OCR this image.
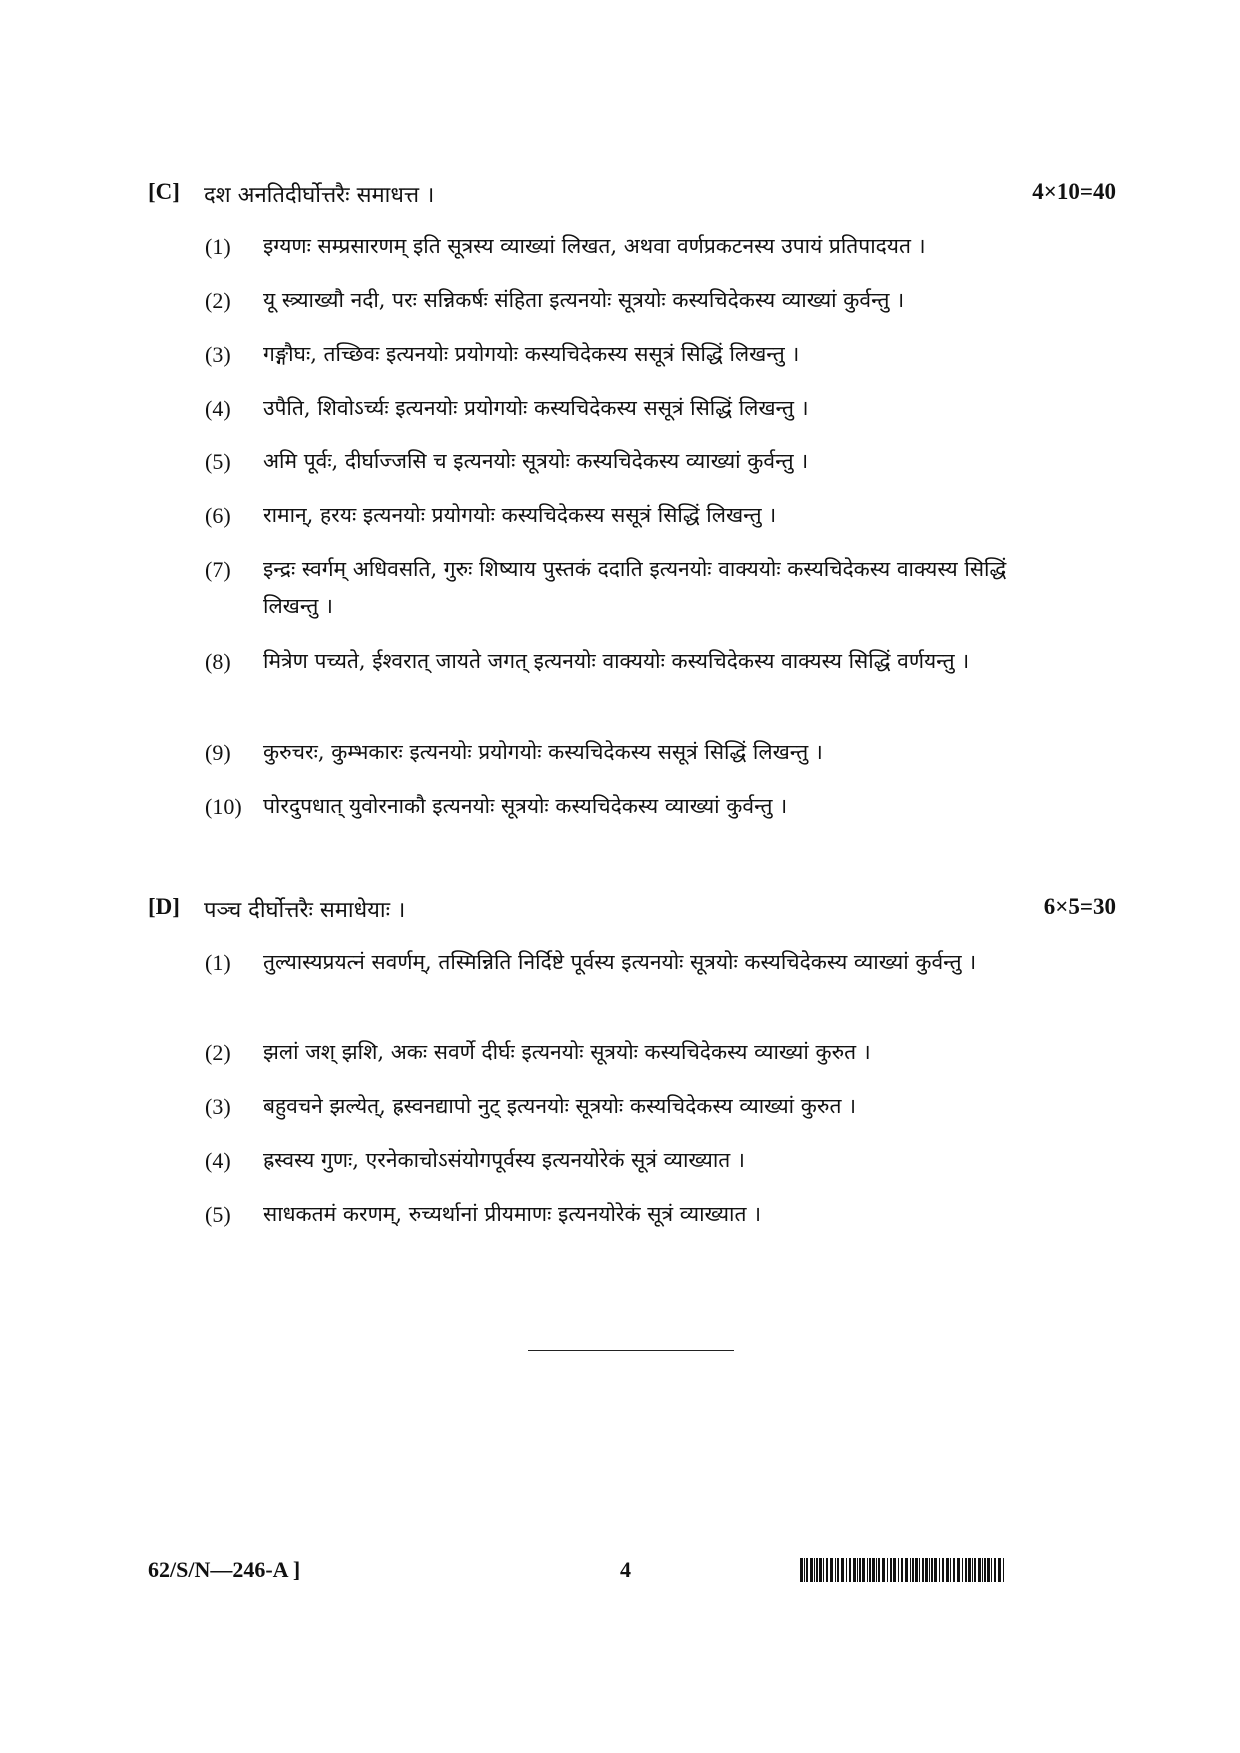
[C] दश अनतिदीर्घोत्तरैः समाधत्त ।	4×10=40
(1) इग्यणः सम्प्रसारणम् इति सूत्रस्य व्याख्यां लिखत, अथवा वर्णप्रकटनस्य उपायं प्रतिपादयत ।
(2) यू स्त्र्याख्यौ नदी, परः सन्निकर्षः संहिता इत्यनयोः सूत्रयोः कस्यचिदेकस्य व्याख्यां कुर्वन्तु ।
(3) गङ्गौघः, तच्छिवः इत्यनयोः प्रयोगयोः कस्यचिदेकस्य ससूत्रं सिद्धिं लिखन्तु ।
(4) उपैति, शिवोऽर्च्यः इत्यनयोः प्रयोगयोः कस्यचिदेकस्य ससूत्रं सिद्धिं लिखन्तु ।
(5) अमि पूर्वः, दीर्घाज्जसि च इत्यनयोः सूत्रयोः कस्यचिदेकस्य व्याख्यां कुर्वन्तु ।
(6) रामान्, हरयः इत्यनयोः प्रयोगयोः कस्यचिदेकस्य ससूत्रं सिद्धिं लिखन्तु ।
(7) इन्द्रः स्वर्गम् अधिवसति, गुरुः शिष्याय पुस्तकं ददाति इत्यनयोः वाक्ययोः कस्यचिदेकस्य वाक्यस्य सिद्धिं लिखन्तु ।
(8) मित्रेण पच्यते, ईश्वरात् जायते जगत् इत्यनयोः वाक्ययोः कस्यचिदेकस्य वाक्यस्य सिद्धिं वर्णयन्तु ।
(9) कुरुचरः, कुम्भकारः इत्यनयोः प्रयोगयोः कस्यचिदेकस्य ससूत्रं सिद्धिं लिखन्तु ।
(10) पोरदुपधात् युवोरनाकौ इत्यनयोः सूत्रयोः कस्यचिदेकस्य व्याख्यां कुर्वन्तु ।
[D] पञ्च दीर्घोत्तरैः समाधेयाः ।	6×5=30
(1) तुल्यास्यप्रयत्नं सवर्णम्, तस्मिन्निति निर्दिष्टे पूर्वस्य इत्यनयोः सूत्रयोः कस्यचिदेकस्य व्याख्यां कुर्वन्तु ।
(2) झलां जश् झशि, अकः सवर्णे दीर्घः इत्यनयोः सूत्रयोः कस्यचिदेकस्य व्याख्यां कुरुत ।
(3) बहुवचने झल्येत्, ह्रस्वनद्यापो नुट् इत्यनयोः सूत्रयोः कस्यचिदेकस्य व्याख्यां कुरुत ।
(4) ह्रस्वस्य गुणः, एरनेकाचोऽसंयोगपूर्वस्य इत्यनयोरेकं सूत्रं व्याख्यात ।
(5) साधकतमं करणम्, रुच्यर्थानां प्रीयमाणः इत्यनयोरेकं सूत्रं व्याख्यात ।
62/S/N—246-A ]	4
